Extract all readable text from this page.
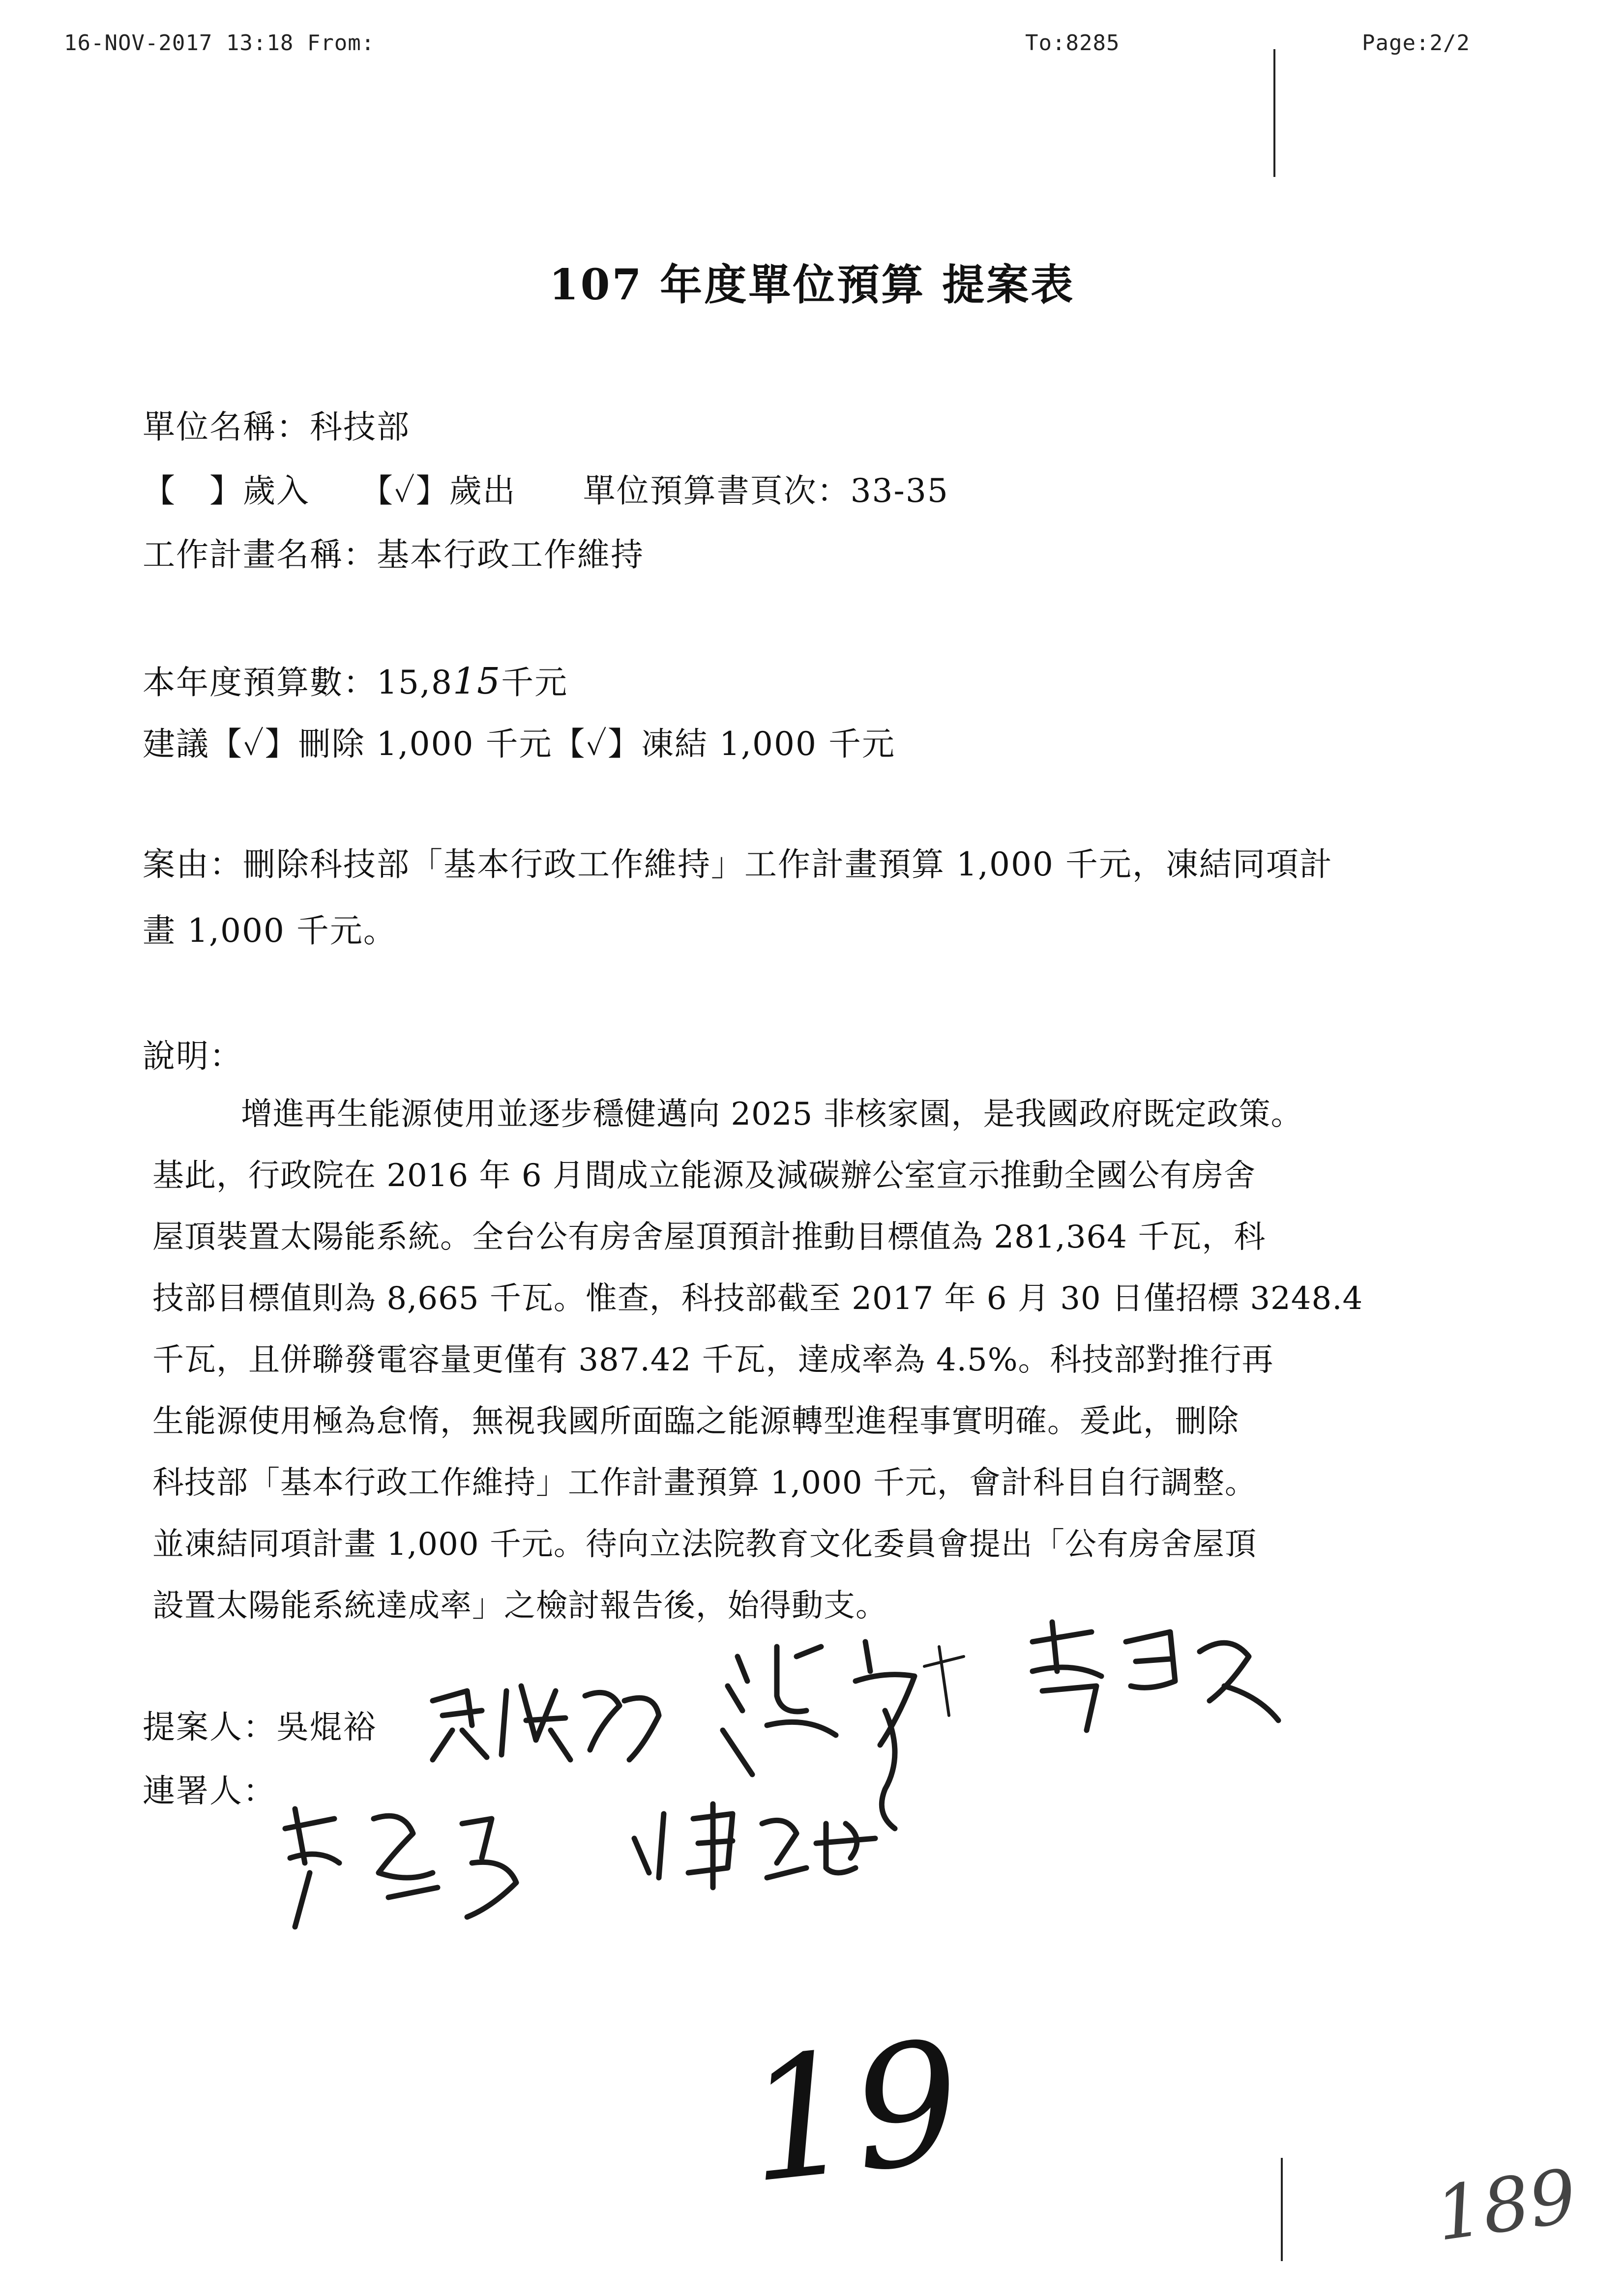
16-NOV-2017 13:18 From:	To:8285	Page:2/2
107 年度單位預算 提案表
單位名稱：科技部
【　】歲入　　【✓】歲出　　單位預算書頁次：33-35
工作計畫名稱：基本行政工作維持
本年度預算數：15,815千元
建議【✓】刪除 1,000 千元【✓】凍結 1,000 千元
案由：刪除科技部「基本行政工作維持」工作計畫預算 1,000 千元，凍結同項計
畫 1,000 千元。
說明：

增進再生能源使用並逐步穩健邁向 2025 非核家園，是我國政府既定政策。

基此，行政院在 2016 年 6 月間成立能源及減碳辦公室宣示推動全國公有房舍

屋頂裝置太陽能系統。全台公有房舍屋頂預計推動目標值為 281,364 千瓦，科

技部目標值則為 8,665 千瓦。惟查，科技部截至 2017 年 6 月 30 日僅招標 3248.4

千瓦，且併聯發電容量更僅有 387.42 千瓦，達成率為 4.5%。科技部對推行再

生能源使用極為怠惰，無視我國所面臨之能源轉型進程事實明確。爰此，刪除

科技部「基本行政工作維持」工作計畫預算 1,000 千元，會計科目自行調整。

並凍結同項計畫 1,000 千元。待向立法院教育文化委員會提出「公有房舍屋頂

設置太陽能系統達成率」之檢討報告後，始得動支。

提案人：吳焜裕
連署人：
19	189
